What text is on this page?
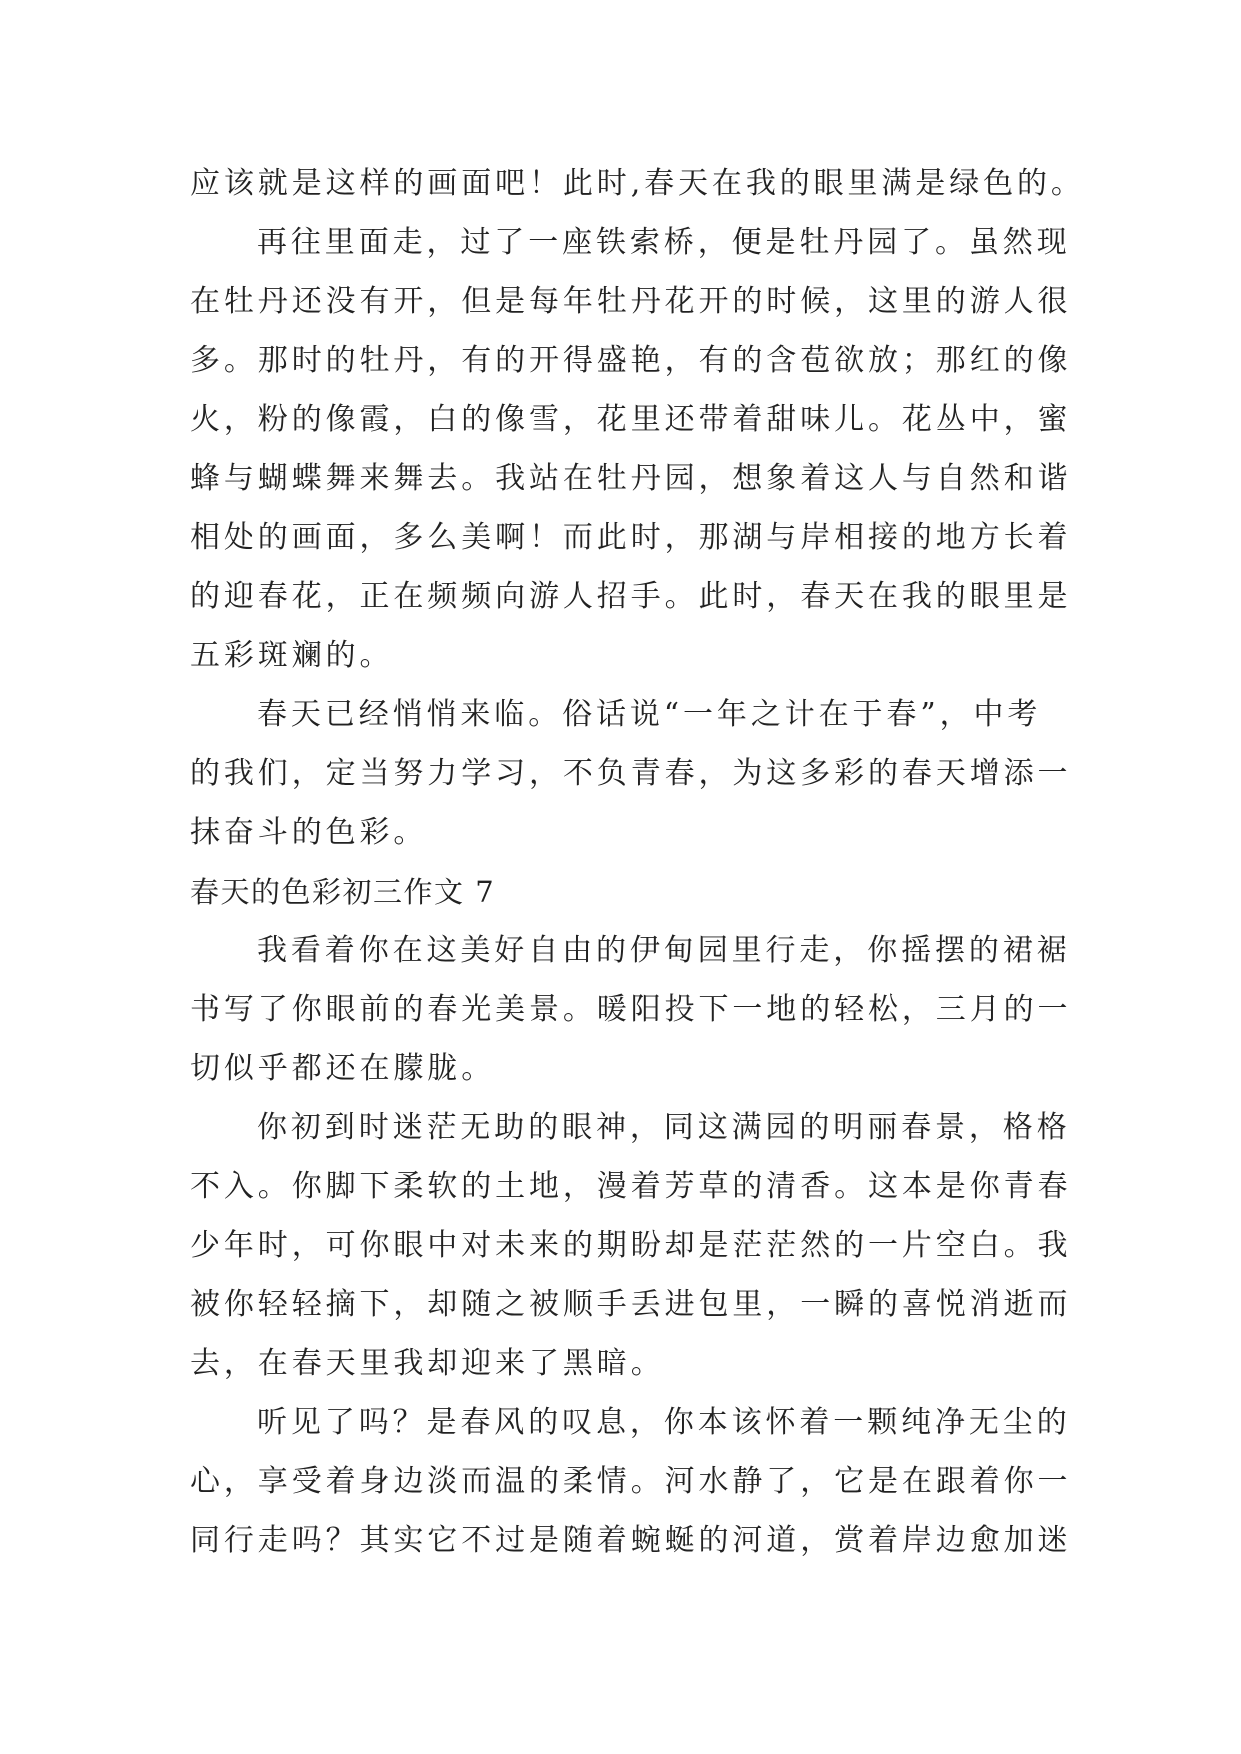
应该就是这样的画面吧！此时,春天在我的眼里满是绿色的。

再往里面走，过了一座铁索桥，便是牡丹园了。虽然现

在牡丹还没有开，但是每年牡丹花开的时候，这里的游人很

多。那时的牡丹，有的开得盛艳，有的含苞欲放；那红的像

火，粉的像霞，白的像雪，花里还带着甜味儿。花丛中，蜜

蜂与蝴蝶舞来舞去。我站在牡丹园，想象着这人与自然和谐

相处的画面，多么美啊！而此时，那湖与岸相接的地方长着

的迎春花，正在频频向游人招手。此时，春天在我的眼里是

五彩斑斓的。

春天已经悄悄来临。俗话说“一年之计在于春”，中考

的我们，定当努力学习，不负青春，为这多彩的春天增添一

抹奋斗的色彩。

春天的色彩初三作文 7

我看着你在这美好自由的伊甸园里行走，你摇摆的裙裾

书写了你眼前的春光美景。暖阳投下一地的轻松，三月的一

切似乎都还在朦胧。

你初到时迷茫无助的眼神，同这满园的明丽春景，格格

不入。你脚下柔软的土地，漫着芳草的清香。这本是你青春

少年时，可你眼中对未来的期盼却是茫茫然的一片空白。我

被你轻轻摘下，却随之被顺手丢进包里，一瞬的喜悦消逝而

去，在春天里我却迎来了黑暗。

听见了吗？是春风的叹息，你本该怀着一颗纯净无尘的

心，享受着身边淡而温的柔情。河水静了，它是在跟着你一

同行走吗？其实它不过是随着蜿蜒的河道，赏着岸边愈加迷
